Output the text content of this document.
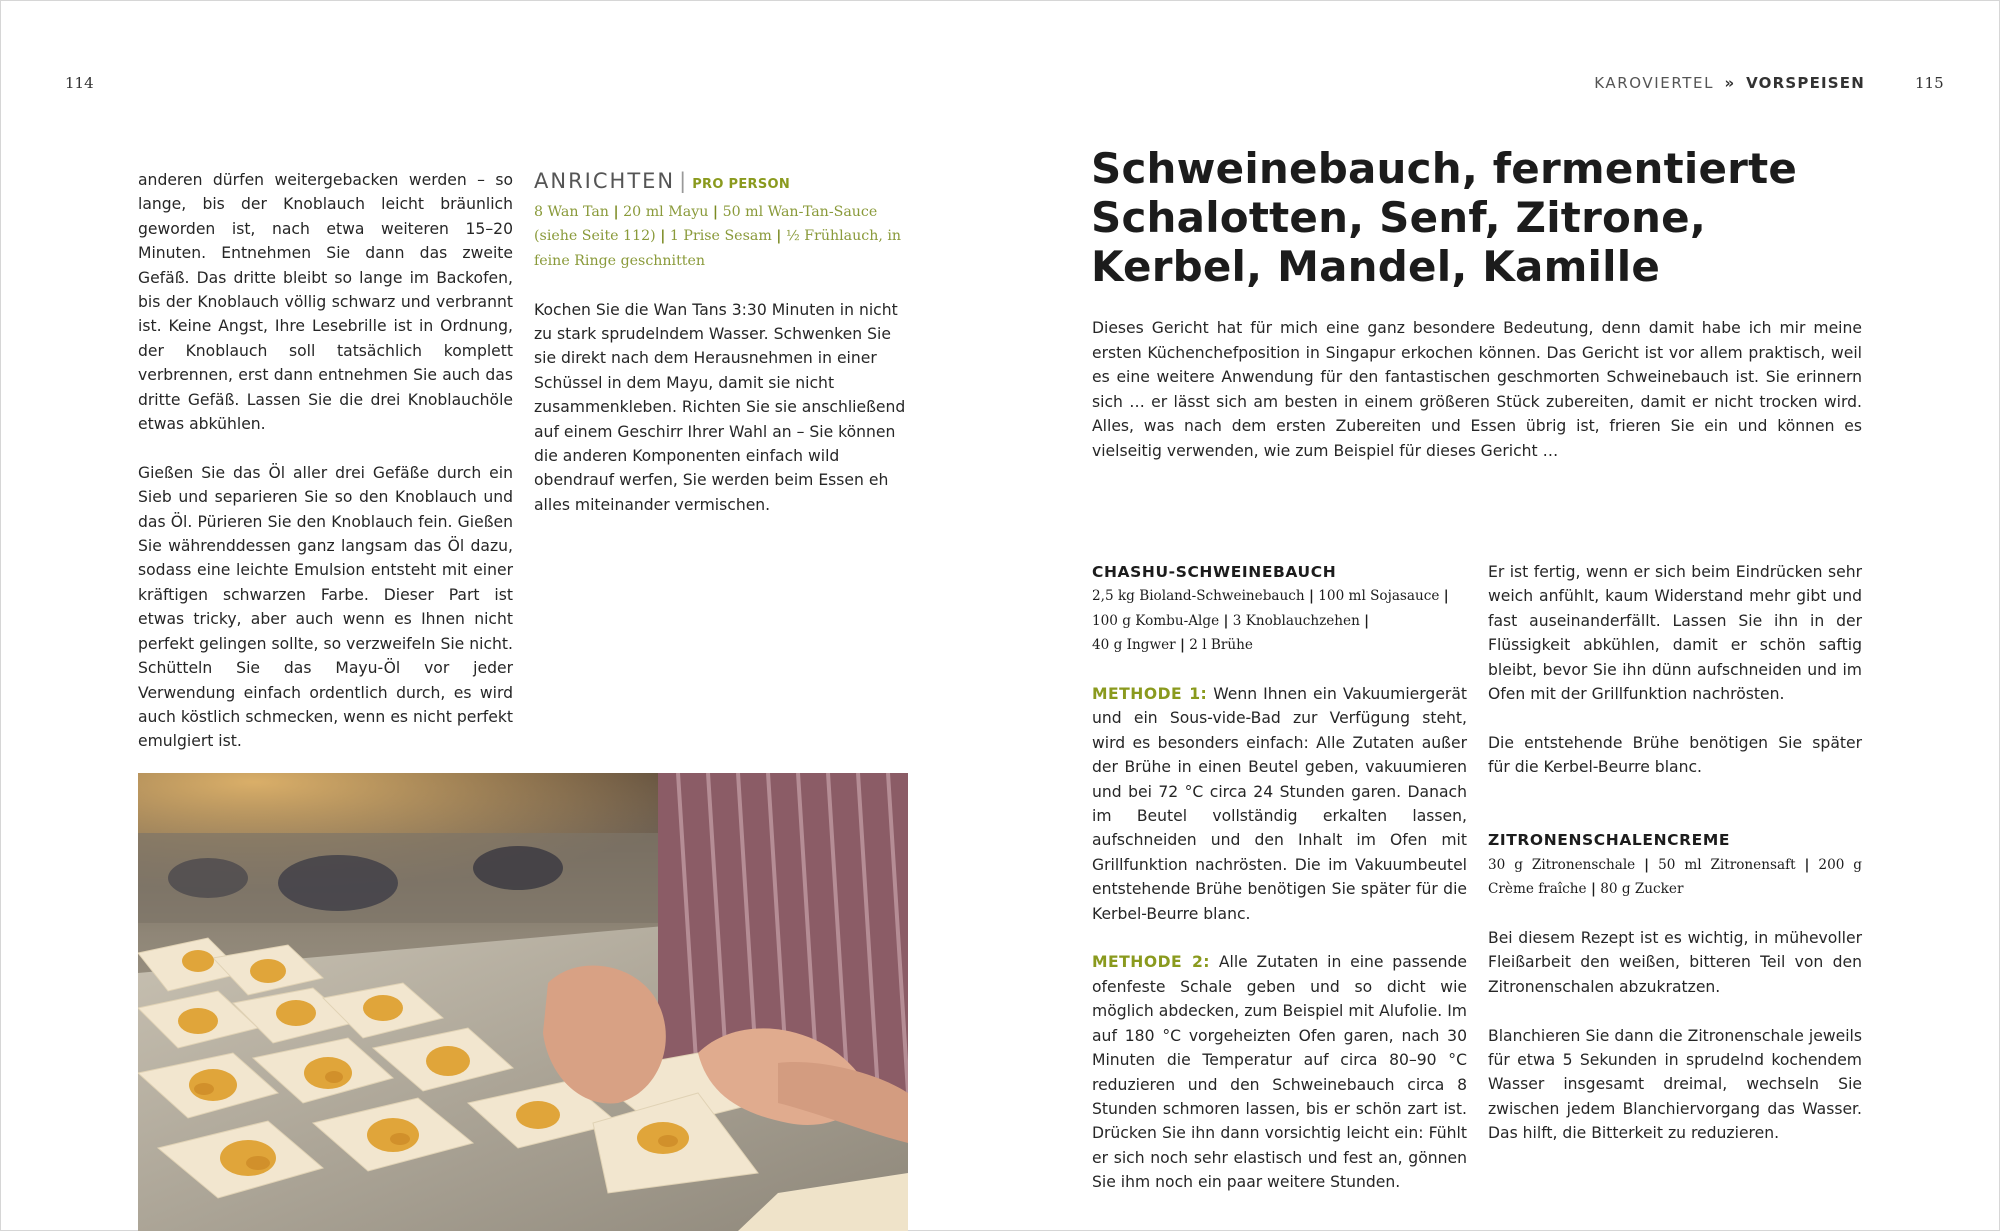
114	KAROVIERTEL » VORSPEISEN	115

anderen dürfen weitergebacken werden – so lange, bis der Knoblauch leicht bräunlich geworden ist, nach etwa weiteren 15–20 Minuten. Entnehmen Sie dann das zweite Gefäß. Das dritte bleibt so lange im Backofen, bis der Knoblauch völlig schwarz und verbrannt ist. Keine Angst, Ihre Lesebrille ist in Ordnung, der Knoblauch soll tatsächlich komplett verbrennen, erst dann entnehmen Sie auch das dritte Gefäß. Lassen Sie die drei Knoblauchöle etwas abkühlen.

Gießen Sie das Öl aller drei Gefäße durch ein Sieb und separieren Sie so den Knoblauch und das Öl. Pürieren Sie den Knoblauch fein. Gießen Sie währenddessen ganz langsam das Öl dazu, sodass eine leichte Emulsion entsteht mit einer kräftigen schwarzen Farbe. Dieser Part ist etwas tricky, aber auch wenn es Ihnen nicht perfekt gelingen sollte, so verzweifeln Sie nicht. Schütteln Sie das Mayu-Öl vor jeder Verwendung einfach ordentlich durch, es wird auch köstlich schmecken, wenn es nicht perfekt emulgiert ist.

ANRICHTEN | PRO PERSON
8 Wan Tan | 20 ml Mayu | 50 ml Wan-Tan-Sauce (siehe Seite 112) | 1 Prise Sesam | ½ Frühlauch, in feine Ringe geschnitten

Kochen Sie die Wan Tans 3:30 Minuten in nicht zu stark sprudelndem Wasser. Schwenken Sie sie direkt nach dem Herausnehmen in einer Schüssel in dem Mayu, damit sie nicht zusammenkleben. Richten Sie sie anschließend auf einem Geschirr Ihrer Wahl an – Sie können die anderen Komponenten einfach wild obendrauf werfen, Sie werden beim Essen eh alles miteinander vermischen.

Schweinebauch, fermentierte Schalotten, Senf, Zitrone, Kerbel, Mandel, Kamille

Dieses Gericht hat für mich eine ganz besondere Bedeutung, denn damit habe ich mir meine ersten Küchenchefposition in Singapur erkochen können. Das Gericht ist vor allem praktisch, weil es eine weitere Anwendung für den fantastischen geschmorten Schweinebauch ist. Sie erinnern sich … er lässt sich am besten in einem größeren Stück zubereiten, damit er nicht trocken wird. Alles, was nach dem ersten Zubereiten und Essen übrig ist, frieren Sie ein und können es vielseitig verwenden, wie zum Beispiel für dieses Gericht …

CHASHU-SCHWEINEBAUCH
2,5 kg Bioland-Schweinebauch | 100 ml Sojasauce |
100 g Kombu-Alge | 3 Knoblauchzehen |
40 g Ingwer | 2 l Brühe

METHODE 1: Wenn Ihnen ein Vakuumiergerät und ein Sous-vide-Bad zur Verfügung steht, wird es besonders einfach: Alle Zutaten außer der Brühe in einen Beutel geben, vakuumieren und bei 72 °C circa 24 Stunden garen. Danach im Beutel vollständig erkalten lassen, aufschneiden und den Inhalt im Ofen mit Grillfunktion nachrösten. Die im Vakuumbeutel entstehende Brühe benötigen Sie später für die Kerbel-Beurre blanc.

METHODE 2: Alle Zutaten in eine passende ofenfeste Schale geben und so dicht wie möglich abdecken, zum Beispiel mit Alufolie. Im auf 180 °C vorgeheizten Ofen garen, nach 30 Minuten die Temperatur auf circa 80–90 °C reduzieren und den Schweinebauch circa 8 Stunden schmoren lassen, bis er schön zart ist. Drücken Sie ihn dann vorsichtig leicht ein: Fühlt er sich noch sehr elastisch und fest an, gönnen Sie ihm noch ein paar weitere Stunden.

Er ist fertig, wenn er sich beim Eindrücken sehr weich anfühlt, kaum Widerstand mehr gibt und fast auseinanderfällt. Lassen Sie ihn in der Flüssigkeit abkühlen, damit er schön saftig bleibt, bevor Sie ihn dünn aufschneiden und im Ofen mit der Grillfunktion nachrösten.

Die entstehende Brühe benötigen Sie später für die Kerbel-Beurre blanc.

ZITRONENSCHALENCREME
30 g Zitronenschale | 50 ml Zitronensaft | 200 g Crème fraîche | 80 g Zucker

Bei diesem Rezept ist es wichtig, in mühevoller Fleißarbeit den weißen, bitteren Teil von den Zitronenschalen abzukratzen.

Blanchieren Sie dann die Zitronenschale jeweils für etwa 5 Sekunden in sprudelnd kochendem Wasser insgesamt dreimal, wechseln Sie zwischen jedem Blanchiervorgang das Wasser. Das hilft, die Bitterkeit zu reduzieren.
